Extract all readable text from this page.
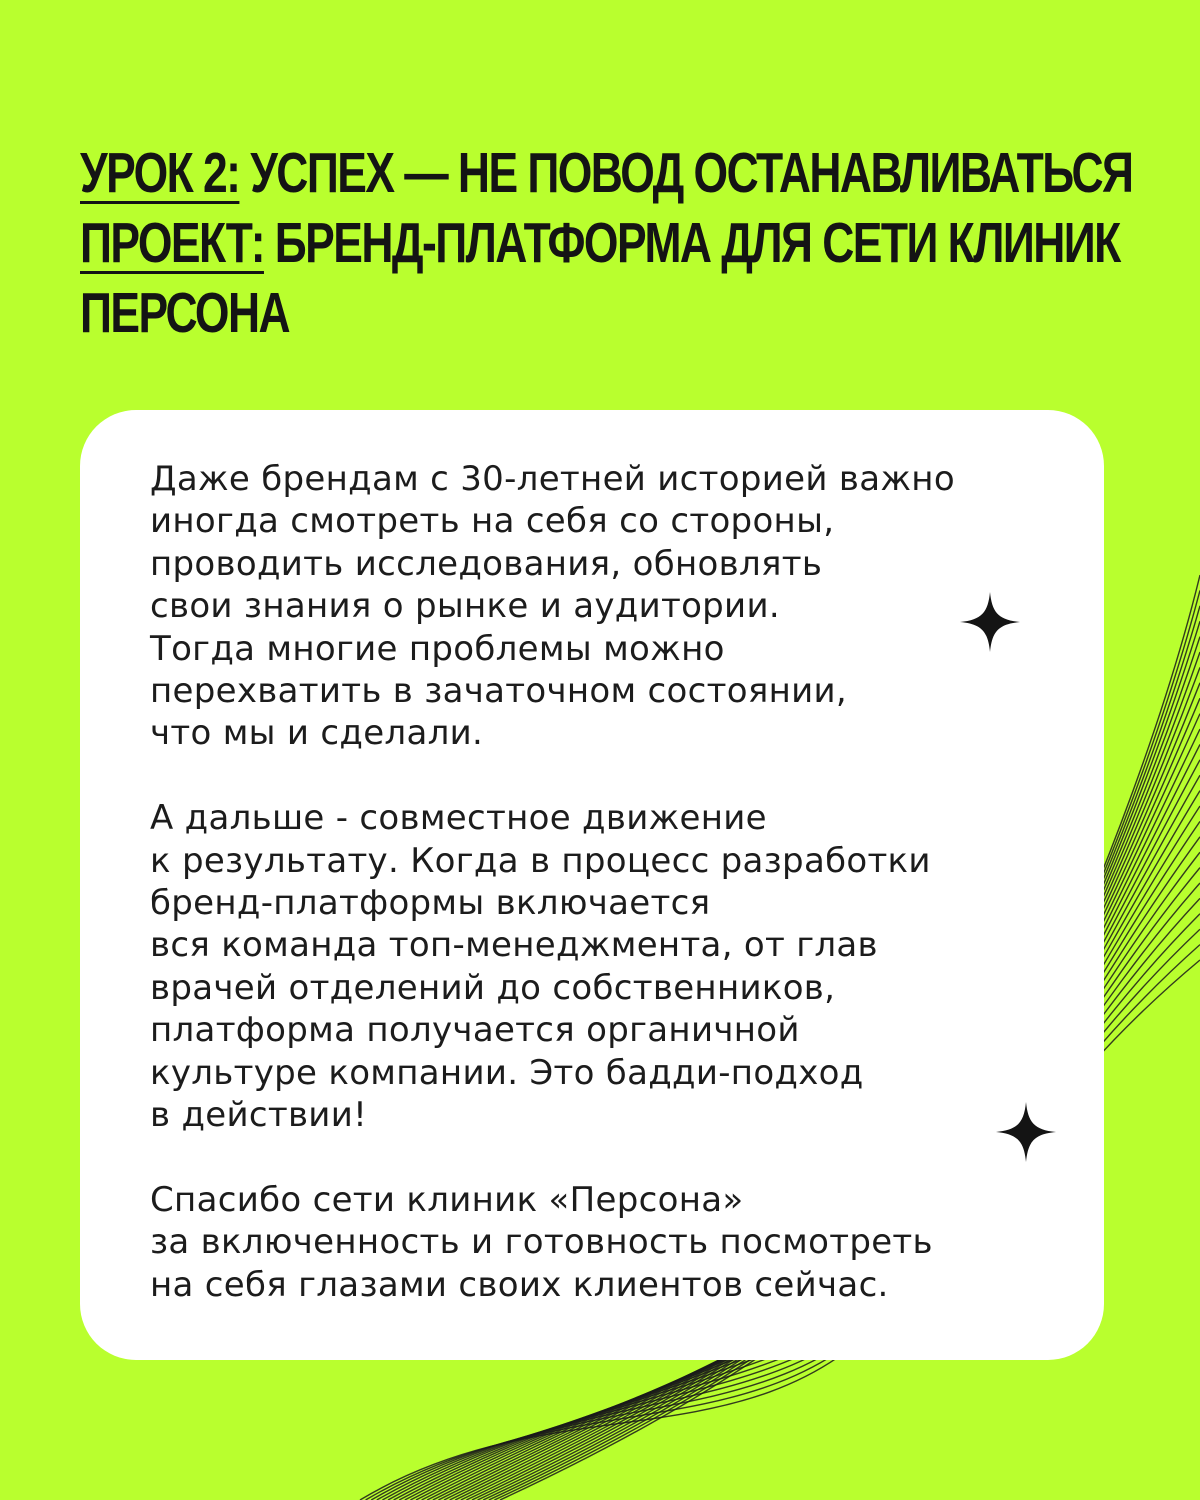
УРОК 2: УСПЕХ — НЕ ПОВОД ОСТАНАВЛИВАТЬСЯ
ПРОЕКТ: БРЕНД-ПЛАТФОРМА ДЛЯ СЕТИ КЛИНИК
ПЕРСОНА
Даже брендам с 30-летней историей важно
иногда смотреть на себя со стороны,
проводить исследования, обновлять
свои знания о рынке и аудитории.
Тогда многие проблемы можно
перехватить в зачаточном состоянии,
что мы и сделали.
А дальше - совместное движение
к результату. Когда в процесс разработки
бренд-платформы включается
вся команда топ-менеджмента, от глав
врачей отделений до собственников,
платформа получается органичной
культуре компании. Это бадди-подход
в действии!
Спасибо сети клиник «Персона»
за включенность и готовность посмотреть
на себя глазами своих клиентов сейчас.
